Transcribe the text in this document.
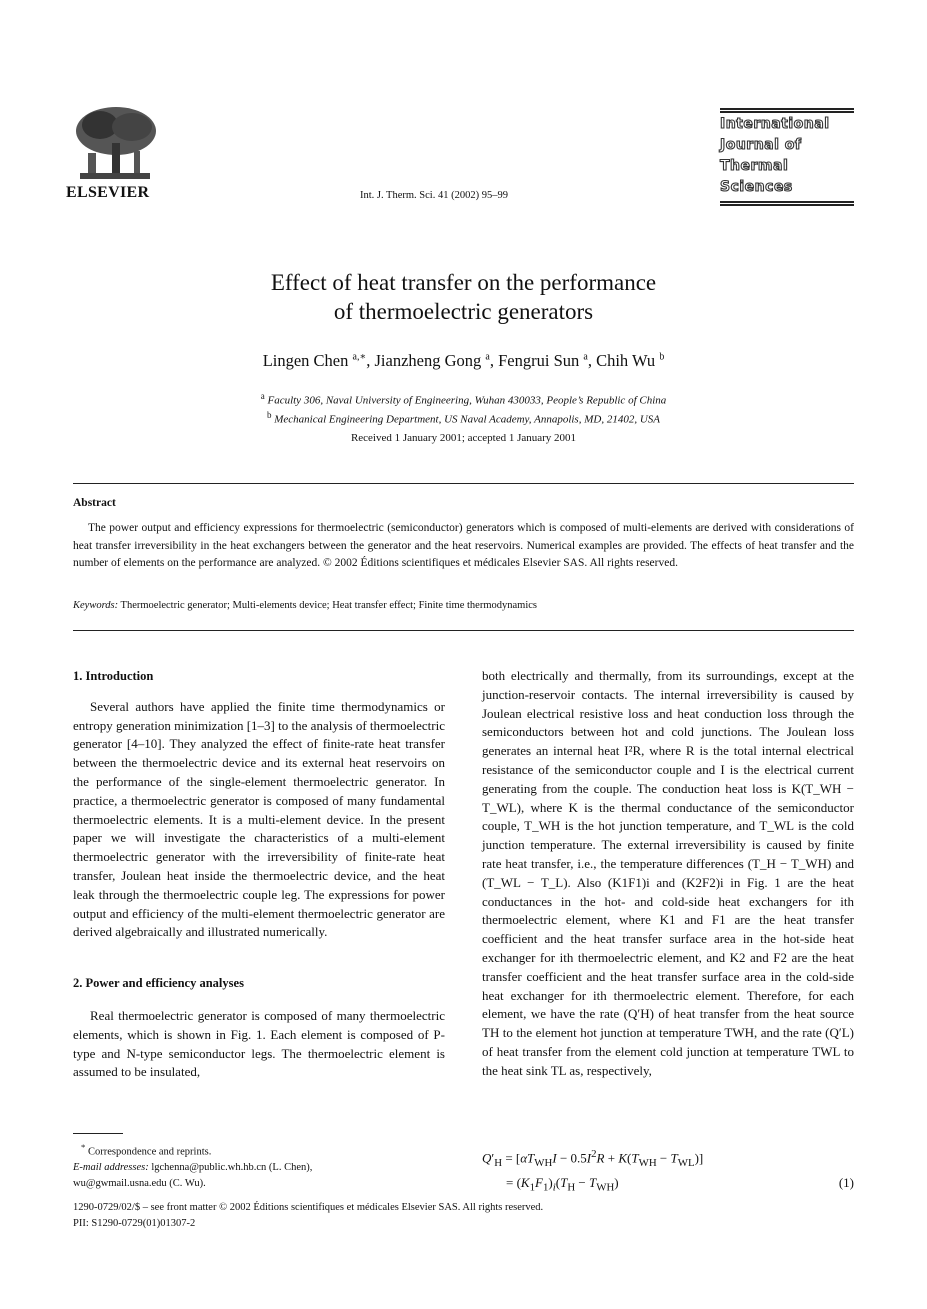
ELSEVIER	Int. J. Therm. Sci. 41 (2002) 95–99
International
Journal of
Thermal
Sciences
Effect of heat transfer on the performance
of thermoelectric generators
Lingen Chen $^{a,∗}$, Jianzheng Gong $^a$, Fengrui Sun $^a$, Chih Wu $^b$
$^a$ Faculty 306, Naval University of Engineering, Wuhan 430033, People’s Republic of China
$^b$ Mechanical Engineering Department, US Naval Academy, Annapolis, MD, 21402, USA
Received 1 January 2001; accepted 1 January 2001
Abstract
The power output and efficiency expressions for thermoelectric (semiconductor) generators which is composed of multi-elements are derived with considerations of heat transfer irreversibility in the heat exchangers between the generator and the heat reservoirs. Numerical examples are provided. The effects of heat transfer and the number of elements on the performance are analyzed. © 2002 Éditions scientifiques et médicales Elsevier SAS. All rights reserved.
Keywords: Thermoelectric generator; Multi-elements device; Heat transfer effect; Finite time thermodynamics
1. Introduction
Several authors have applied the finite time thermodynamics or entropy generation minimization [1–3] to the analysis of thermoelectric generator [4–10]. They analyzed the effect of finite-rate heat transfer between the thermoelectric device and its external heat reservoirs on the performance of the single-element thermoelectric generator. In practice, a thermoelectric generator is composed of many fundamental thermoelectric elements. It is a multi-element device. In the present paper we will investigate the characteristics of a multi-element thermoelectric generator with the irreversibility of finite-rate heat transfer, Joulean heat inside the thermoelectric device, and the heat leak through the thermoelectric couple leg. The expressions for power output and efficiency of the multi-element thermoelectric generator are derived algebraically and illustrated numerically.
2. Power and efficiency analyses
Real thermoelectric generator is composed of many thermoelectric elements, which is shown in Fig. 1. Each element is composed of P-type and N-type semiconductor legs. The thermoelectric element is assumed to be insulated,
both electrically and thermally, from its surroundings, except at the junction-reservoir contacts. The internal irreversibility is caused by Joulean electrical resistive loss and heat conduction loss through the semiconductors between hot and cold junctions. The Joulean loss generates an internal heat I²R, where R is the total internal electrical resistance of the semiconductor couple and I is the electrical current generating from the couple. The conduction heat loss is K(T_WH − T_WL), where K is the thermal conductance of the semiconductor couple, T_WH is the hot junction temperature, and T_WL is the cold junction temperature. The external irreversibility is caused by finite rate heat transfer, i.e., the temperature differences (T_H − T_WH) and (T_WL − T_L). Also (K1F1)i and (K2F2)i in Fig. 1 are the heat conductances in the hot- and cold-side heat exchangers for ith thermoelectric element, where K1 and F1 are the heat transfer coefficient and the heat transfer surface area in the hot-side heat exchanger for ith thermoelectric element, and K2 and F2 are the heat transfer coefficient and the heat transfer surface area in the cold-side heat exchanger for ith thermoelectric element. Therefore, for each element, we have the rate (Q′H) of heat transfer from the heat source TH to the element hot junction at temperature TWH, and the rate (Q′L) of heat transfer from the element cold junction at temperature TWL to the heat sink TL as, respectively,
* Correspondence and reprints.
E-mail addresses: lgchenna@public.wh.hb.cn (L. Chen),
wu@gwmail.usna.edu (C. Wu).
$Q'_H = [\alpha T_{WH}I - 0.5I^2R + K(T_{WH} - T_{WL})]$
= $(K_1F_1)_i(T_H - T_{WH})$	(1)
1290-0729/02/$ – see front matter © 2002 Éditions scientifiques et médicales Elsevier SAS. All rights reserved.
PII: S1290-0729(01)01307-2
